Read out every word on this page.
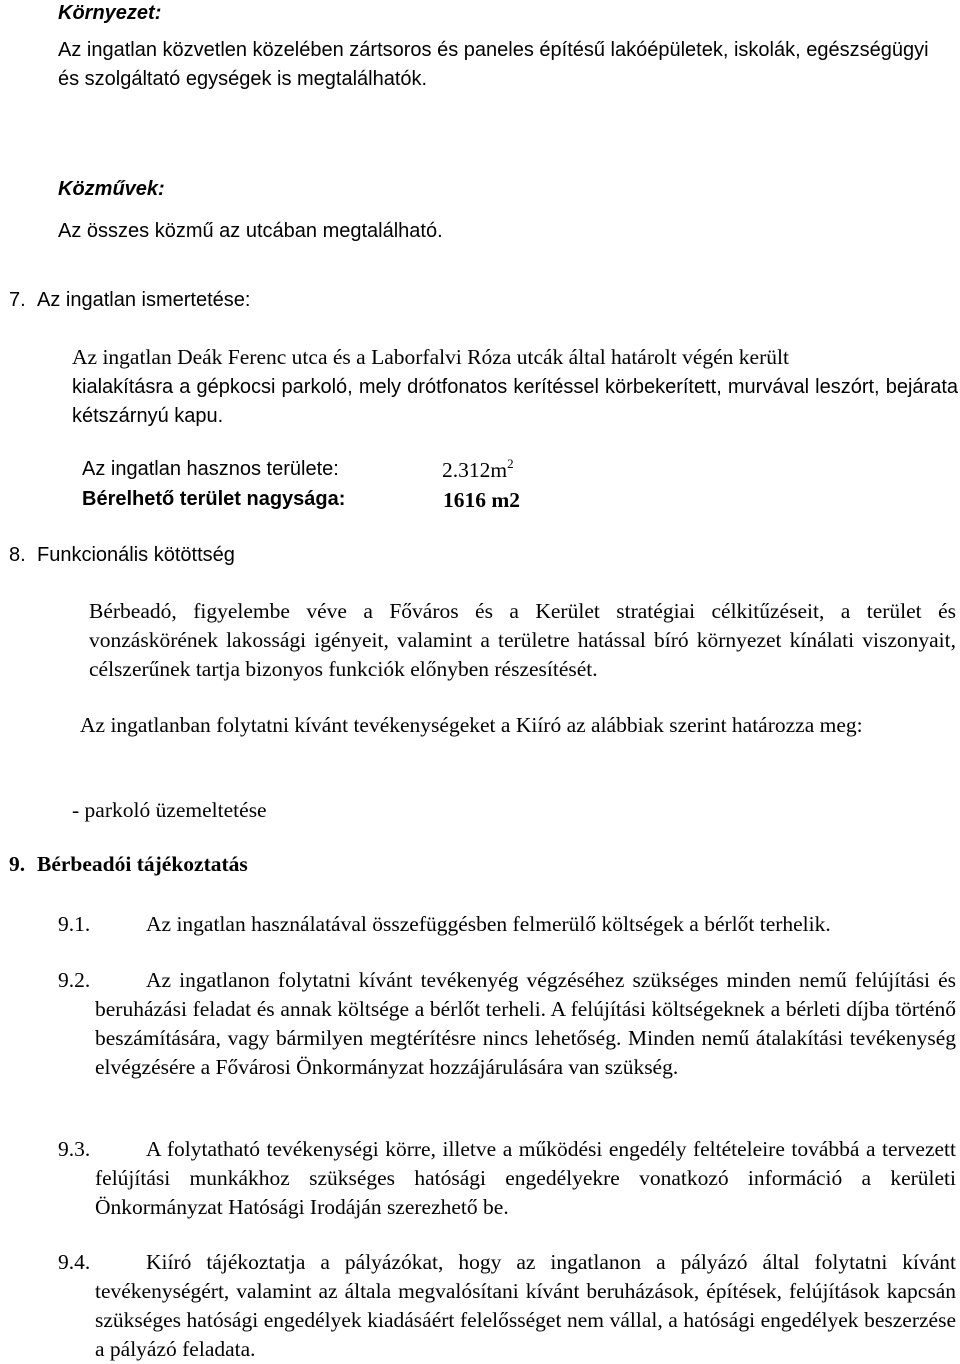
Környezet:
Az ingatlan közvetlen közelében zártsoros és paneles építésű lakóépületek, iskolák, egészségügyi és szolgáltató egységek is megtalálhatók.
Közművek:
Az összes közmű az utcában megtalálható.
7. Az ingatlan ismertetése:
Az ingatlan Deák Ferenc utca és a Laborfalvi Róza utcák által határolt végén került
kialakításra a gépkocsi parkoló, mely drótfonatos kerítéssel körbekerített, murvával leszórt, bejárata kétszárnyú kapu.
Az ingatlan hasznos területe:	$2.312m^2$
Bérelhető terület nagysága:	1616 m2
8. Funkcionális kötöttség
Bérbeadó, figyelembe véve a Főváros és a Kerület stratégiai célkitűzéseit, a terület és vonzáskörének lakossági igényeit, valamint a területre hatással bíró környezet kínálati viszonyait, célszerűnek tartja bizonyos funkciók előnyben részesítését.
Az ingatlanban folytatni kívánt tevékenységeket a Kiíró az alábbiak szerint határozza meg:
- parkoló üzemeltetése
9. Bérbeadói tájékoztatás
9.1.	Az ingatlan használatával összefüggésben felmerülő költségek a bérlőt terhelik.
9.2.	Az ingatlanon folytatni kívánt tevékenyég végzéséhez szükséges minden nemű felújítási és beruházási feladat és annak költsége a bérlőt terheli. A felújítási költségeknek a bérleti díjba történő beszámítására, vagy bármilyen megtérítésre nincs lehetőség. Minden nemű átalakítási tevékenység elvégzésére a Fővárosi Önkormányzat hozzájárulására van szükség.
9.3.	A folytatható tevékenységi körre, illetve a működési engedély feltételeire továbbá a tervezett felújítási munkákhoz szükséges hatósági engedélyekre vonatkozó információ a kerületi Önkormányzat Hatósági Irodáján szerezhető be.
9.4.	Kiíró tájékoztatja a pályázókat, hogy az ingatlanon a pályázó által folytatni kívánt tevékenységért, valamint az általa megvalósítani kívánt beruházások, építések, felújítások kapcsán szükséges hatósági engedélyek kiadásáért felelősséget nem vállal, a hatósági engedélyek beszerzése a pályázó feladata.
